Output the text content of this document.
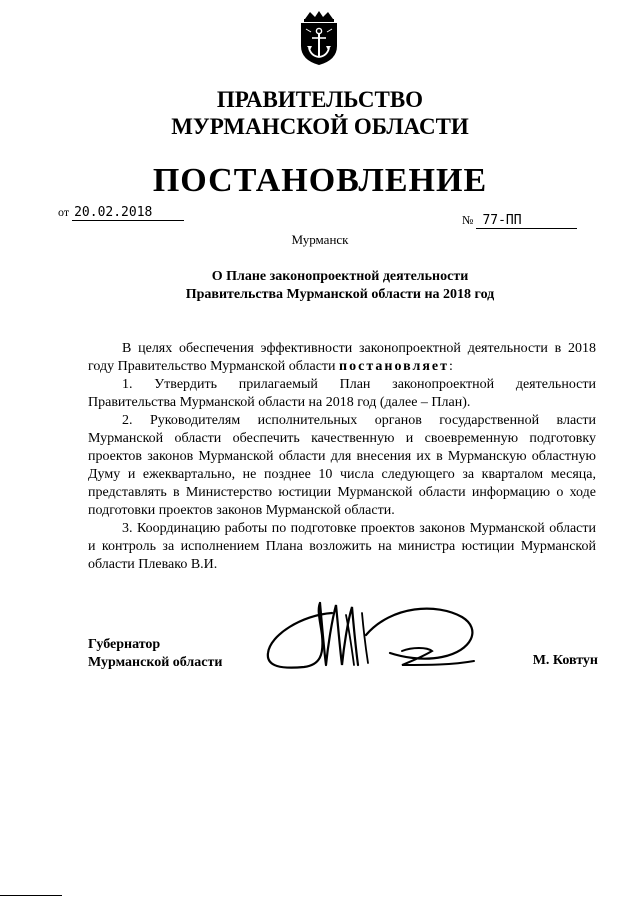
ПРАВИТЕЛЬСТВО
МУРМАНСКОЙ ОБЛАСТИ
ПОСТАНОВЛЕНИЕ
от 20.02.2018	№ 77-ПП
Мурманск
О Плане законопроектной деятельности
Правительства Мурманской области на 2018 год

В целях обеспечения эффективности законопроектной деятельности в 2018 году Правительство Мурманской области постановляет:

1. Утвердить прилагаемый План законопроектной деятельности Правительства Мурманской области на 2018 год (далее – План).

2. Руководителям исполнительных органов государственной власти Мурманской области обеспечить качественную и своевременную подготовку проектов законов Мурманской области для внесения их в Мурманскую областную Думу и ежеквартально, не позднее 10 числа следующего за кварталом месяца, представлять в Министерство юстиции Мурманской области информацию о ходе подготовки проектов законов Мурманской области.

3. Координацию работы по подготовке проектов законов Мурманской области и контроль за исполнением Плана возложить на министра юстиции Мурманской области Плевако В.И.

Губернатор
Мурманской области	М. Ковтун
